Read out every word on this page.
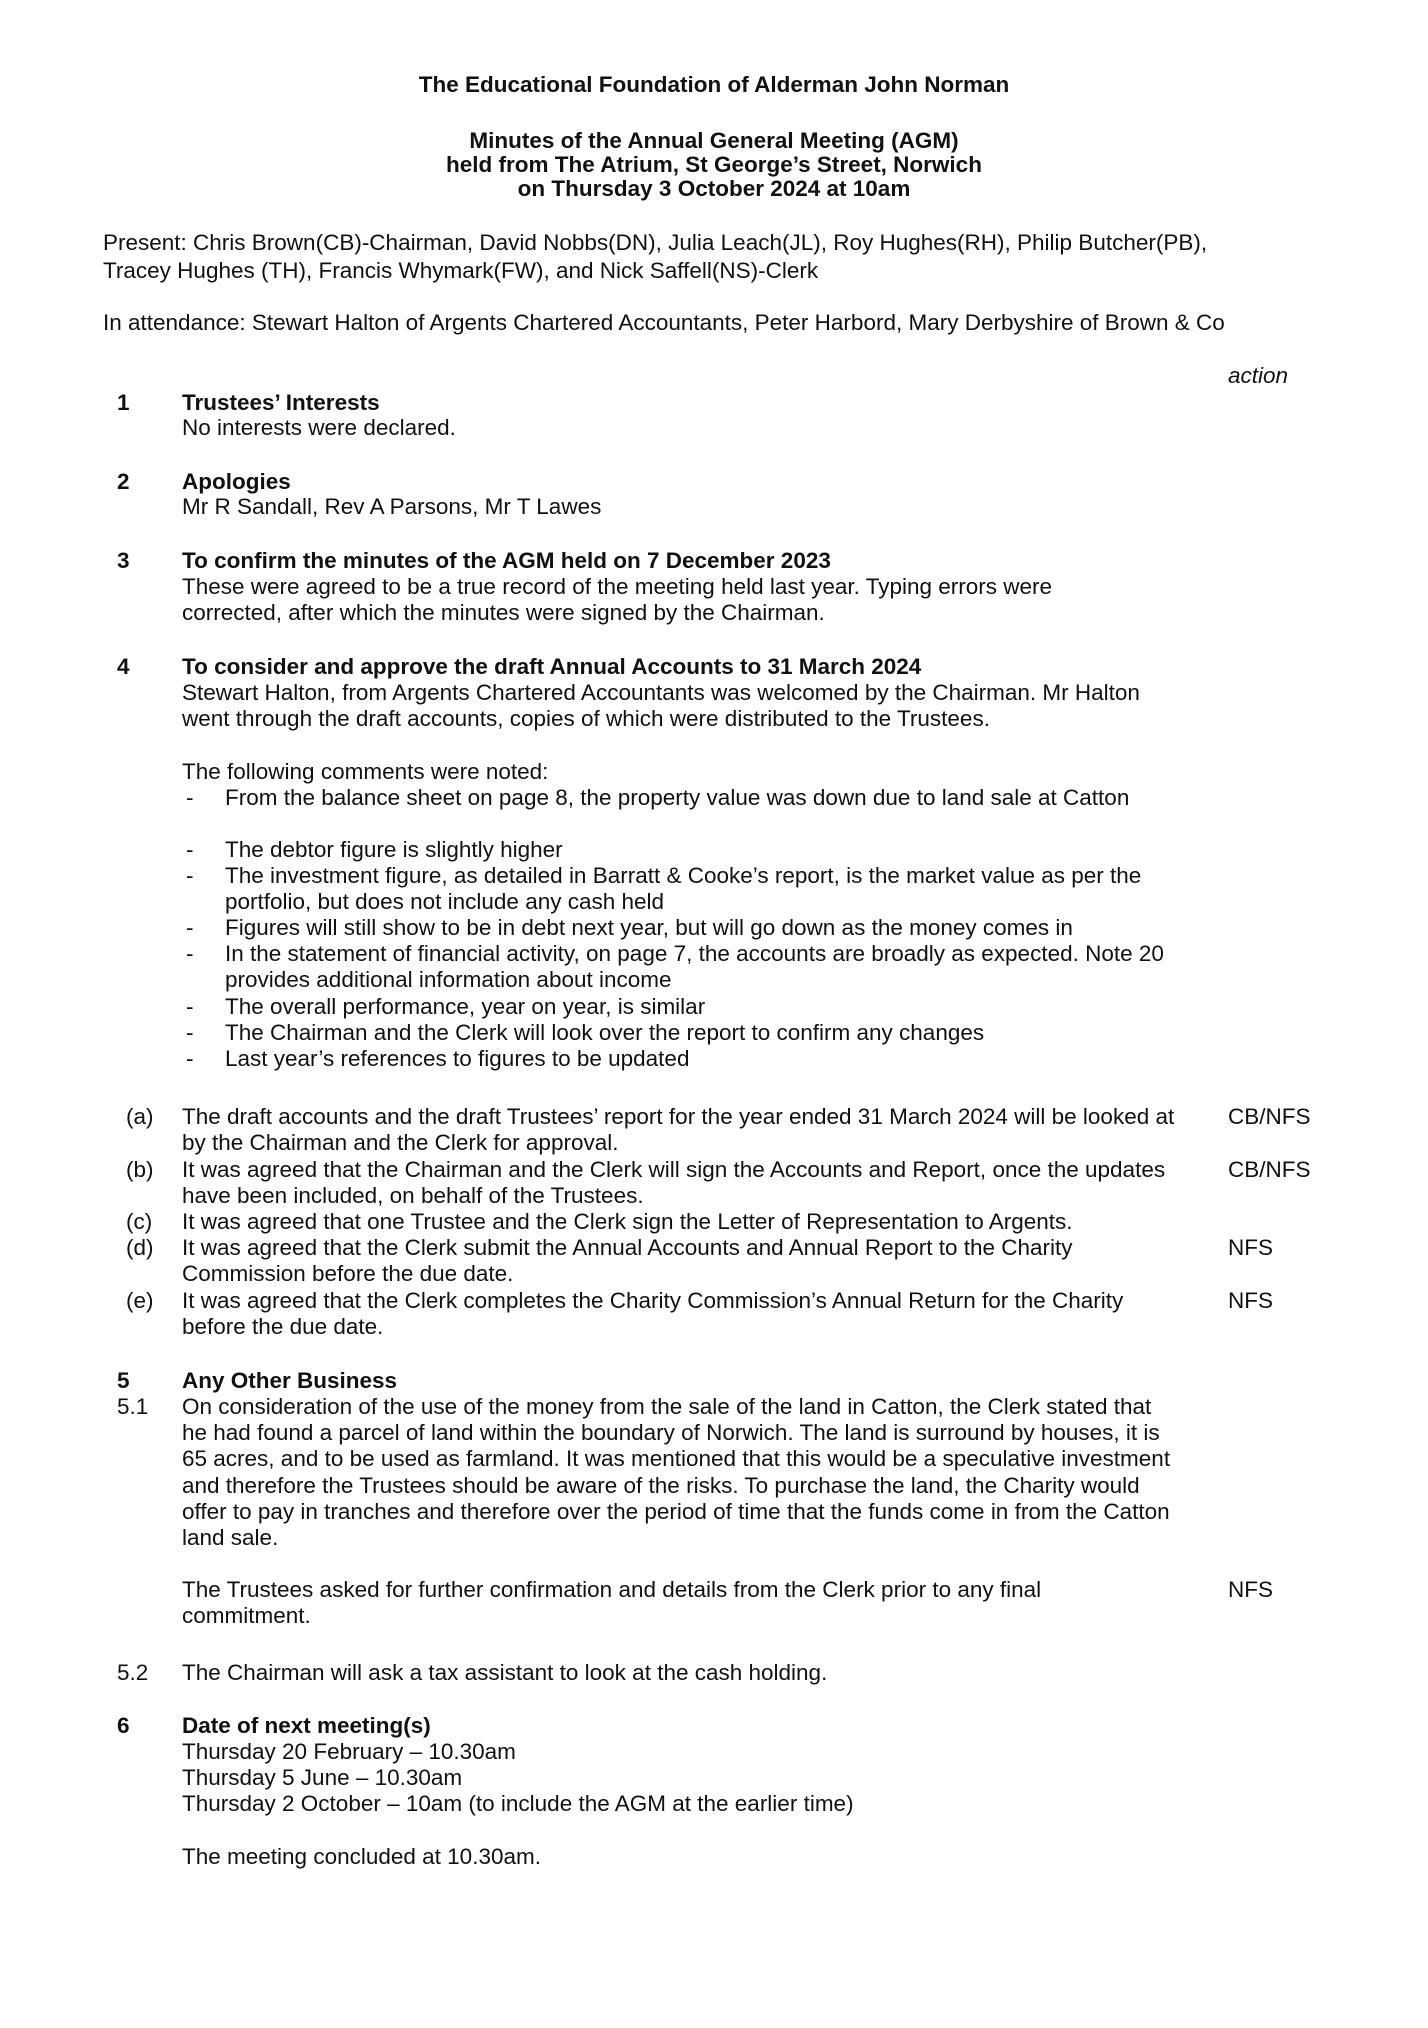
The Educational Foundation of Alderman John Norman
Minutes of the Annual General Meeting (AGM)
held from The Atrium, St George’s Street, Norwich
on Thursday 3 October 2024 at 10am
Present: Chris Brown(CB)-Chairman, David Nobbs(DN), Julia Leach(JL), Roy Hughes(RH), Philip Butcher(PB),
Tracey Hughes (TH), Francis Whymark(FW), and Nick Saffell(NS)-Clerk
In attendance: Stewart Halton of Argents Chartered Accountants, Peter Harbord, Mary Derbyshire of Brown & Co
action
1 Trustees’ Interests
No interests were declared.
2 Apologies
Mr R Sandall, Rev A Parsons, Mr T Lawes
3 To confirm the minutes of the AGM held on 7 December 2023
These were agreed to be a true record of the meeting held last year. Typing errors were corrected, after which the minutes were signed by the Chairman.
4 To consider and approve the draft Annual Accounts to 31 March 2024
Stewart Halton, from Argents Chartered Accountants was welcomed by the Chairman. Mr Halton went through the draft accounts, copies of which were distributed to the Trustees.
The following comments were noted:
- From the balance sheet on page 8, the property value was down due to land sale at Catton
- The debtor figure is slightly higher
- The investment figure, as detailed in Barratt & Cooke’s report, is the market value as per the portfolio, but does not include any cash held
- Figures will still show to be in debt next year, but will go down as the money comes in
- In the statement of financial activity, on page 7, the accounts are broadly as expected. Note 20 provides additional information about income
- The overall performance, year on year, is similar
- The Chairman and the Clerk will look over the report to confirm any changes
- Last year’s references to figures to be updated
(a) The draft accounts and the draft Trustees’ report for the year ended 31 March 2024 will be looked at by the Chairman and the Clerk for approval.
CB/NFS
(b) It was agreed that the Chairman and the Clerk will sign the Accounts and Report, once the updates have been included, on behalf of the Trustees.
CB/NFS
(c) It was agreed that one Trustee and the Clerk sign the Letter of Representation to Argents.
(d) It was agreed that the Clerk submit the Annual Accounts and Annual Report to the Charity Commission before the due date.
NFS
(e) It was agreed that the Clerk completes the Charity Commission’s Annual Return for the Charity before the due date.
NFS
5 Any Other Business
5.1 On consideration of the use of the money from the sale of the land in Catton, the Clerk stated that he had found a parcel of land within the boundary of Norwich. The land is surround by houses, it is 65 acres, and to be used as farmland. It was mentioned that this would be a speculative investment and therefore the Trustees should be aware of the risks. To purchase the land, the Charity would offer to pay in tranches and therefore over the period of time that the funds come in from the Catton land sale.
The Trustees asked for further confirmation and details from the Clerk prior to any final commitment.
NFS
5.2 The Chairman will ask a tax assistant to look at the cash holding.
6 Date of next meeting(s)
Thursday 20 February – 10.30am
Thursday 5 June – 10.30am
Thursday 2 October – 10am (to include the AGM at the earlier time)
The meeting concluded at 10.30am.
